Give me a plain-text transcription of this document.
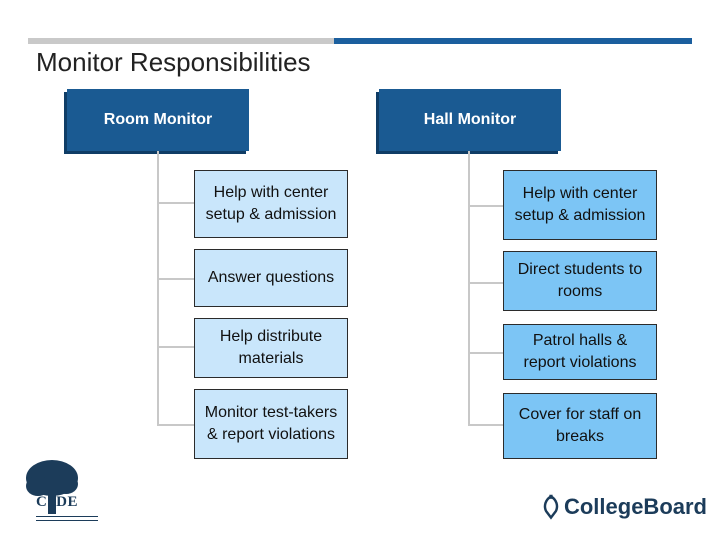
Monitor Responsibilities
Room Monitor
Help with center setup & admission
Answer questions
Help distribute materials
Monitor test-takers & report violations
Hall Monitor
Help with center setup & admission
Direct students to rooms
Patrol halls & report violations
Cover for staff on breaks
CSDE	CollegeBoard
